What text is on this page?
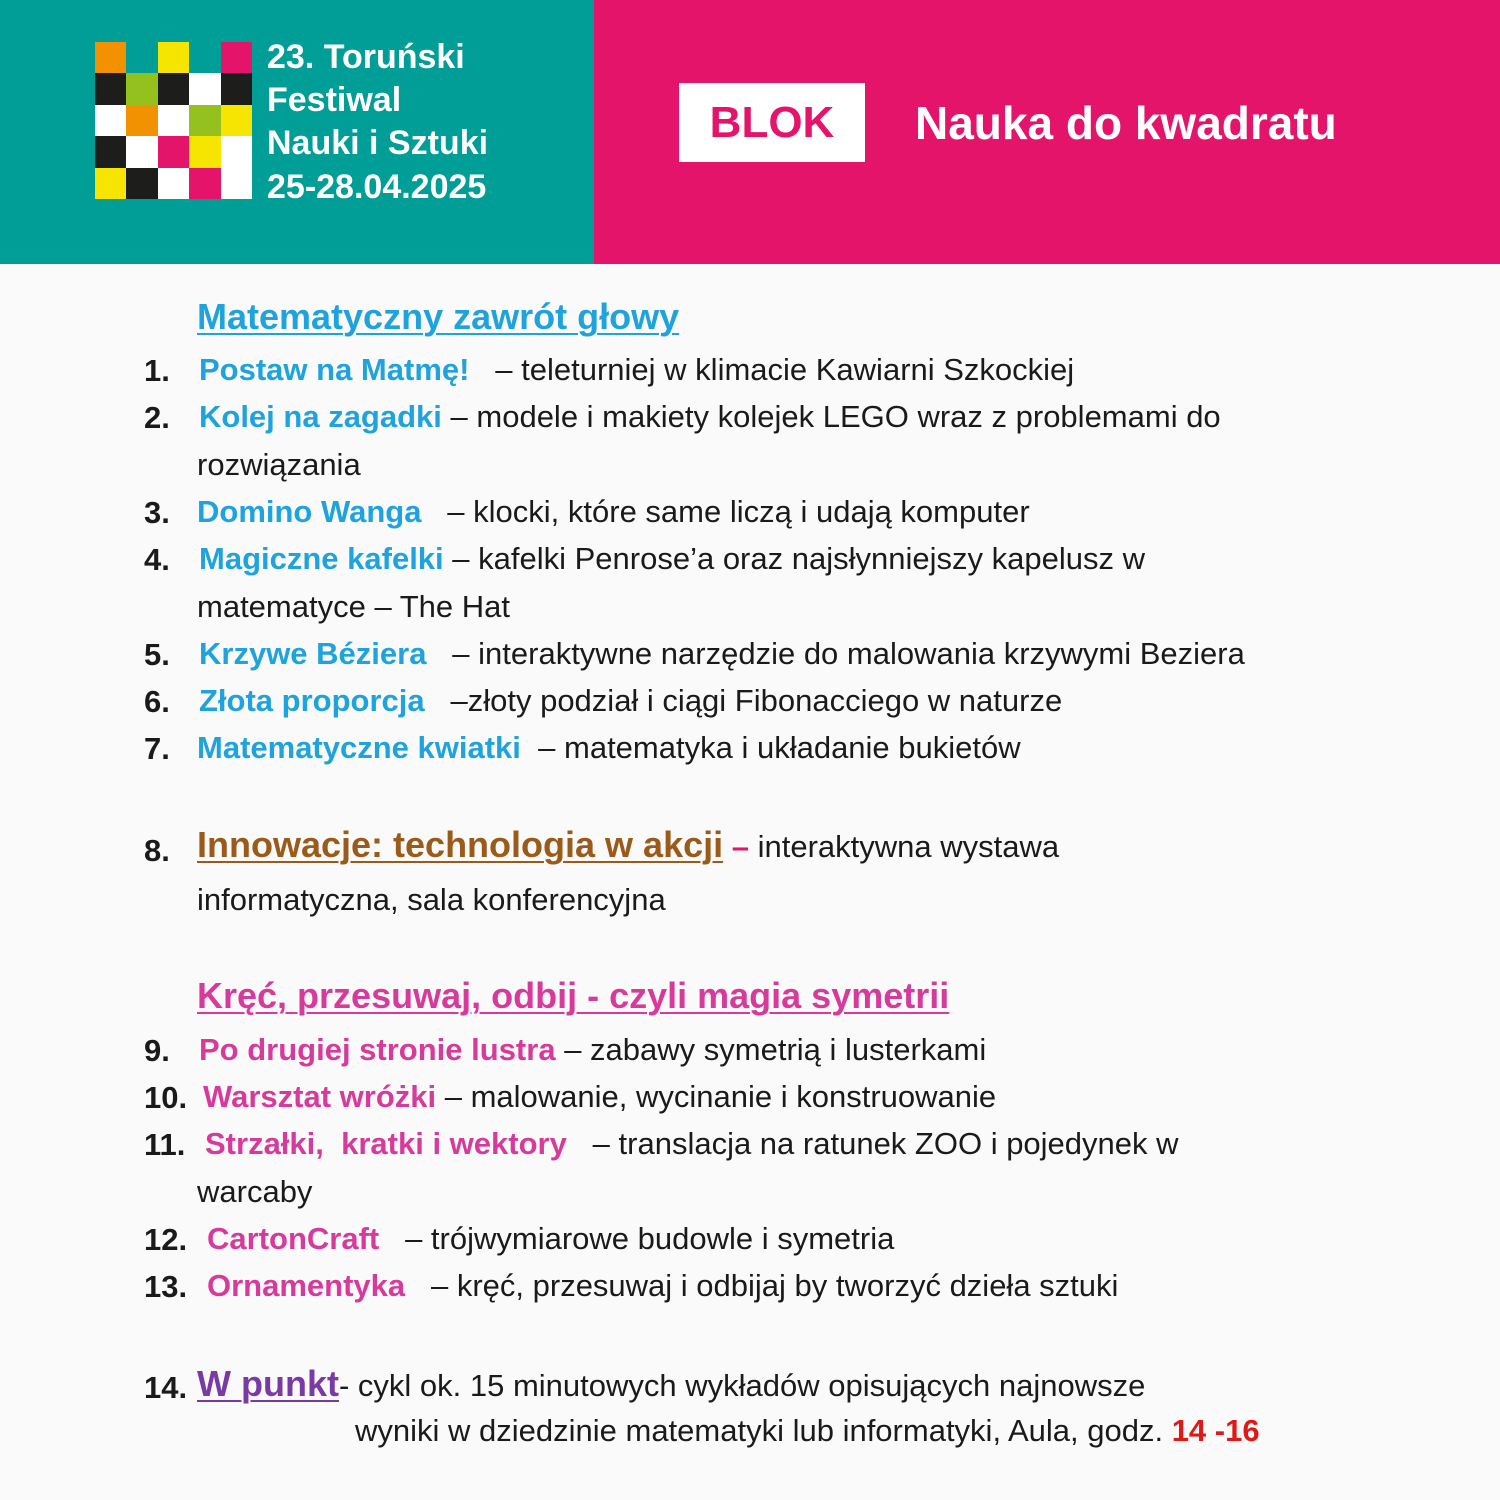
23. Toruński
Festiwal
Nauki i Sztuki
25-28.04.2025
BLOK	Nauka do kwadratu
Matematyczny zawrót głowy
1. Postaw na Matmę! – teleturniej w klimacie Kawiarni Szkockiej
2. Kolej na zagadki – modele i makiety kolejek LEGO wraz z problemami do
rozwiązania
3. Domino Wanga – klocki, które same liczą i udają komputer
4. Magiczne kafelki – kafelki Penrose’a oraz najsłynniejszy kapelusz w
matematyce – The Hat
5. Krzywe Béziera – interaktywne narzędzie do malowania krzywymi Beziera
6. Złota proporcja –złoty podział i ciągi Fibonacciego w naturze
7. Matematyczne kwiatki – matematyka i układanie bukietów
8. Innowacje: technologia w akcji – interaktywna wystawa
informatyczna, sala konferencyjna
Kręć, przesuwaj, odbij - czyli magia symetrii
9. Po drugiej stronie lustra – zabawy symetrią i lusterkami
10. Warsztat wróżki – malowanie, wycinanie i konstruowanie
11. Strzałki,  kratki i wektory – translacja na ratunek ZOO i pojedynek w
warcaby
12. CartonCraft – trójwymiarowe budowle i symetria
13. Ornamentyka – kręć, przesuwaj i odbijaj by tworzyć dzieła sztuki
14. W punkt- cykl ok. 15 minutowych wykładów opisujących najnowsze
wyniki w dziedzinie matematyki lub informatyki, Aula, godz. 14 -16
